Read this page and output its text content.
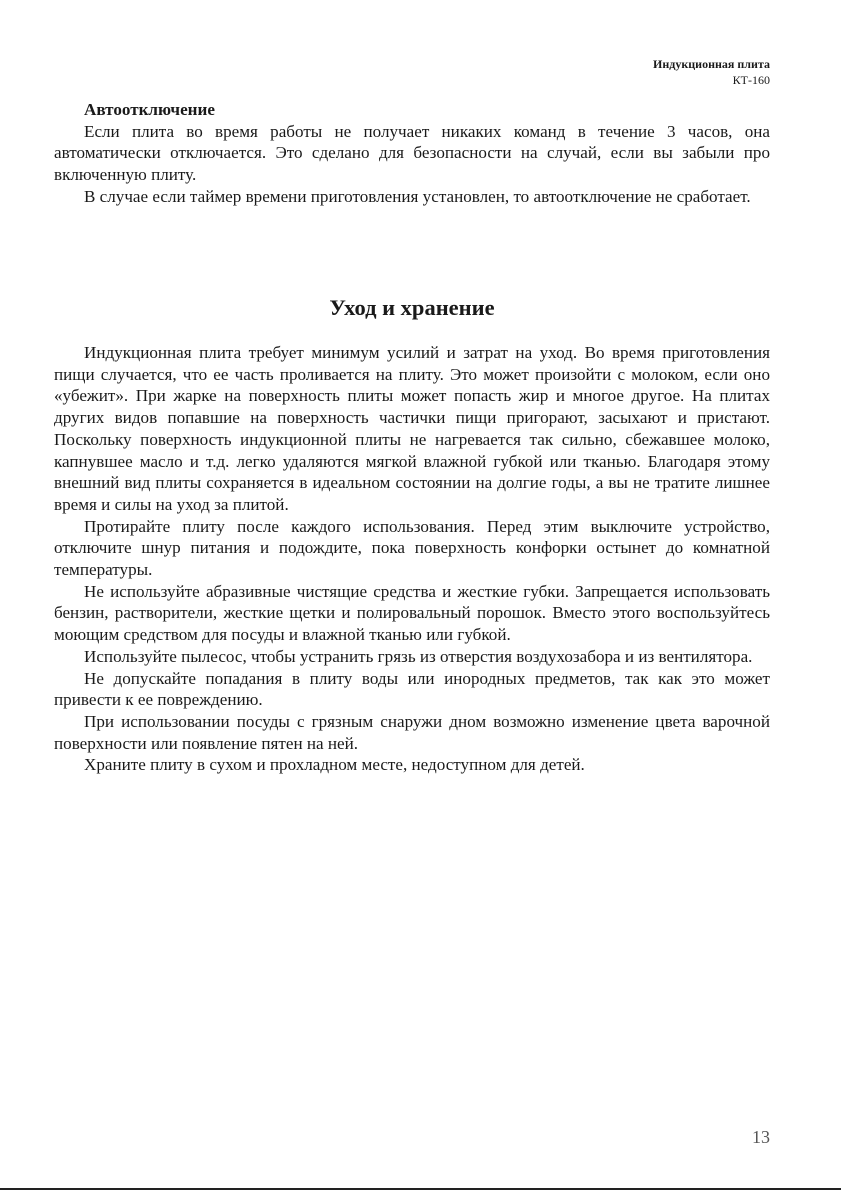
Индукционная плита
КТ-160

Автоотключение

Если плита во время работы не получает никаких команд в течение 3 часов, она автоматически отключается. Это сделано для безопасности на случай, если вы забыли про включенную плиту.

В случае если таймер времени приготовления установлен, то автоотключение не сработает.

Уход и хранение

Индукционная плита требует минимум усилий и затрат на уход. Во время приготовления пищи случается, что ее часть проливается на плиту. Это может произойти с молоком, если оно «убежит». При жарке на поверхность плиты может попасть жир и многое другое. На плитах других видов попавшие на поверхность частички пищи пригорают, засыхают и пристают. Поскольку поверхность индукционной плиты не нагревается так сильно, сбежавшее молоко, капнувшее масло и т.д. легко удаляются мягкой влажной губкой или тканью. Благодаря этому внешний вид плиты сохраняется в идеальном состоянии на долгие годы, а вы не тратите лишнее время и силы на уход за плитой.

Протирайте плиту после каждого использования. Перед этим выключите устройство, отключите шнур питания и подождите, пока поверхность конфорки остынет до комнатной температуры.

Не используйте абразивные чистящие средства и жесткие губки. Запрещается использовать бензин, растворители, жесткие щетки и полировальный порошок. Вместо этого воспользуйтесь моющим средством для посуды и влажной тканью или губкой.

Используйте пылесос, чтобы устранить грязь из отверстия воздухозабора и из вентилятора.

Не допускайте попадания в плиту воды или инородных предметов, так как это может привести к ее повреждению.

При использовании посуды с грязным снаружи дном возможно изменение цвета варочной поверхности или появление пятен на ней.

Храните плиту в сухом и прохладном месте, недоступном для детей.

13
